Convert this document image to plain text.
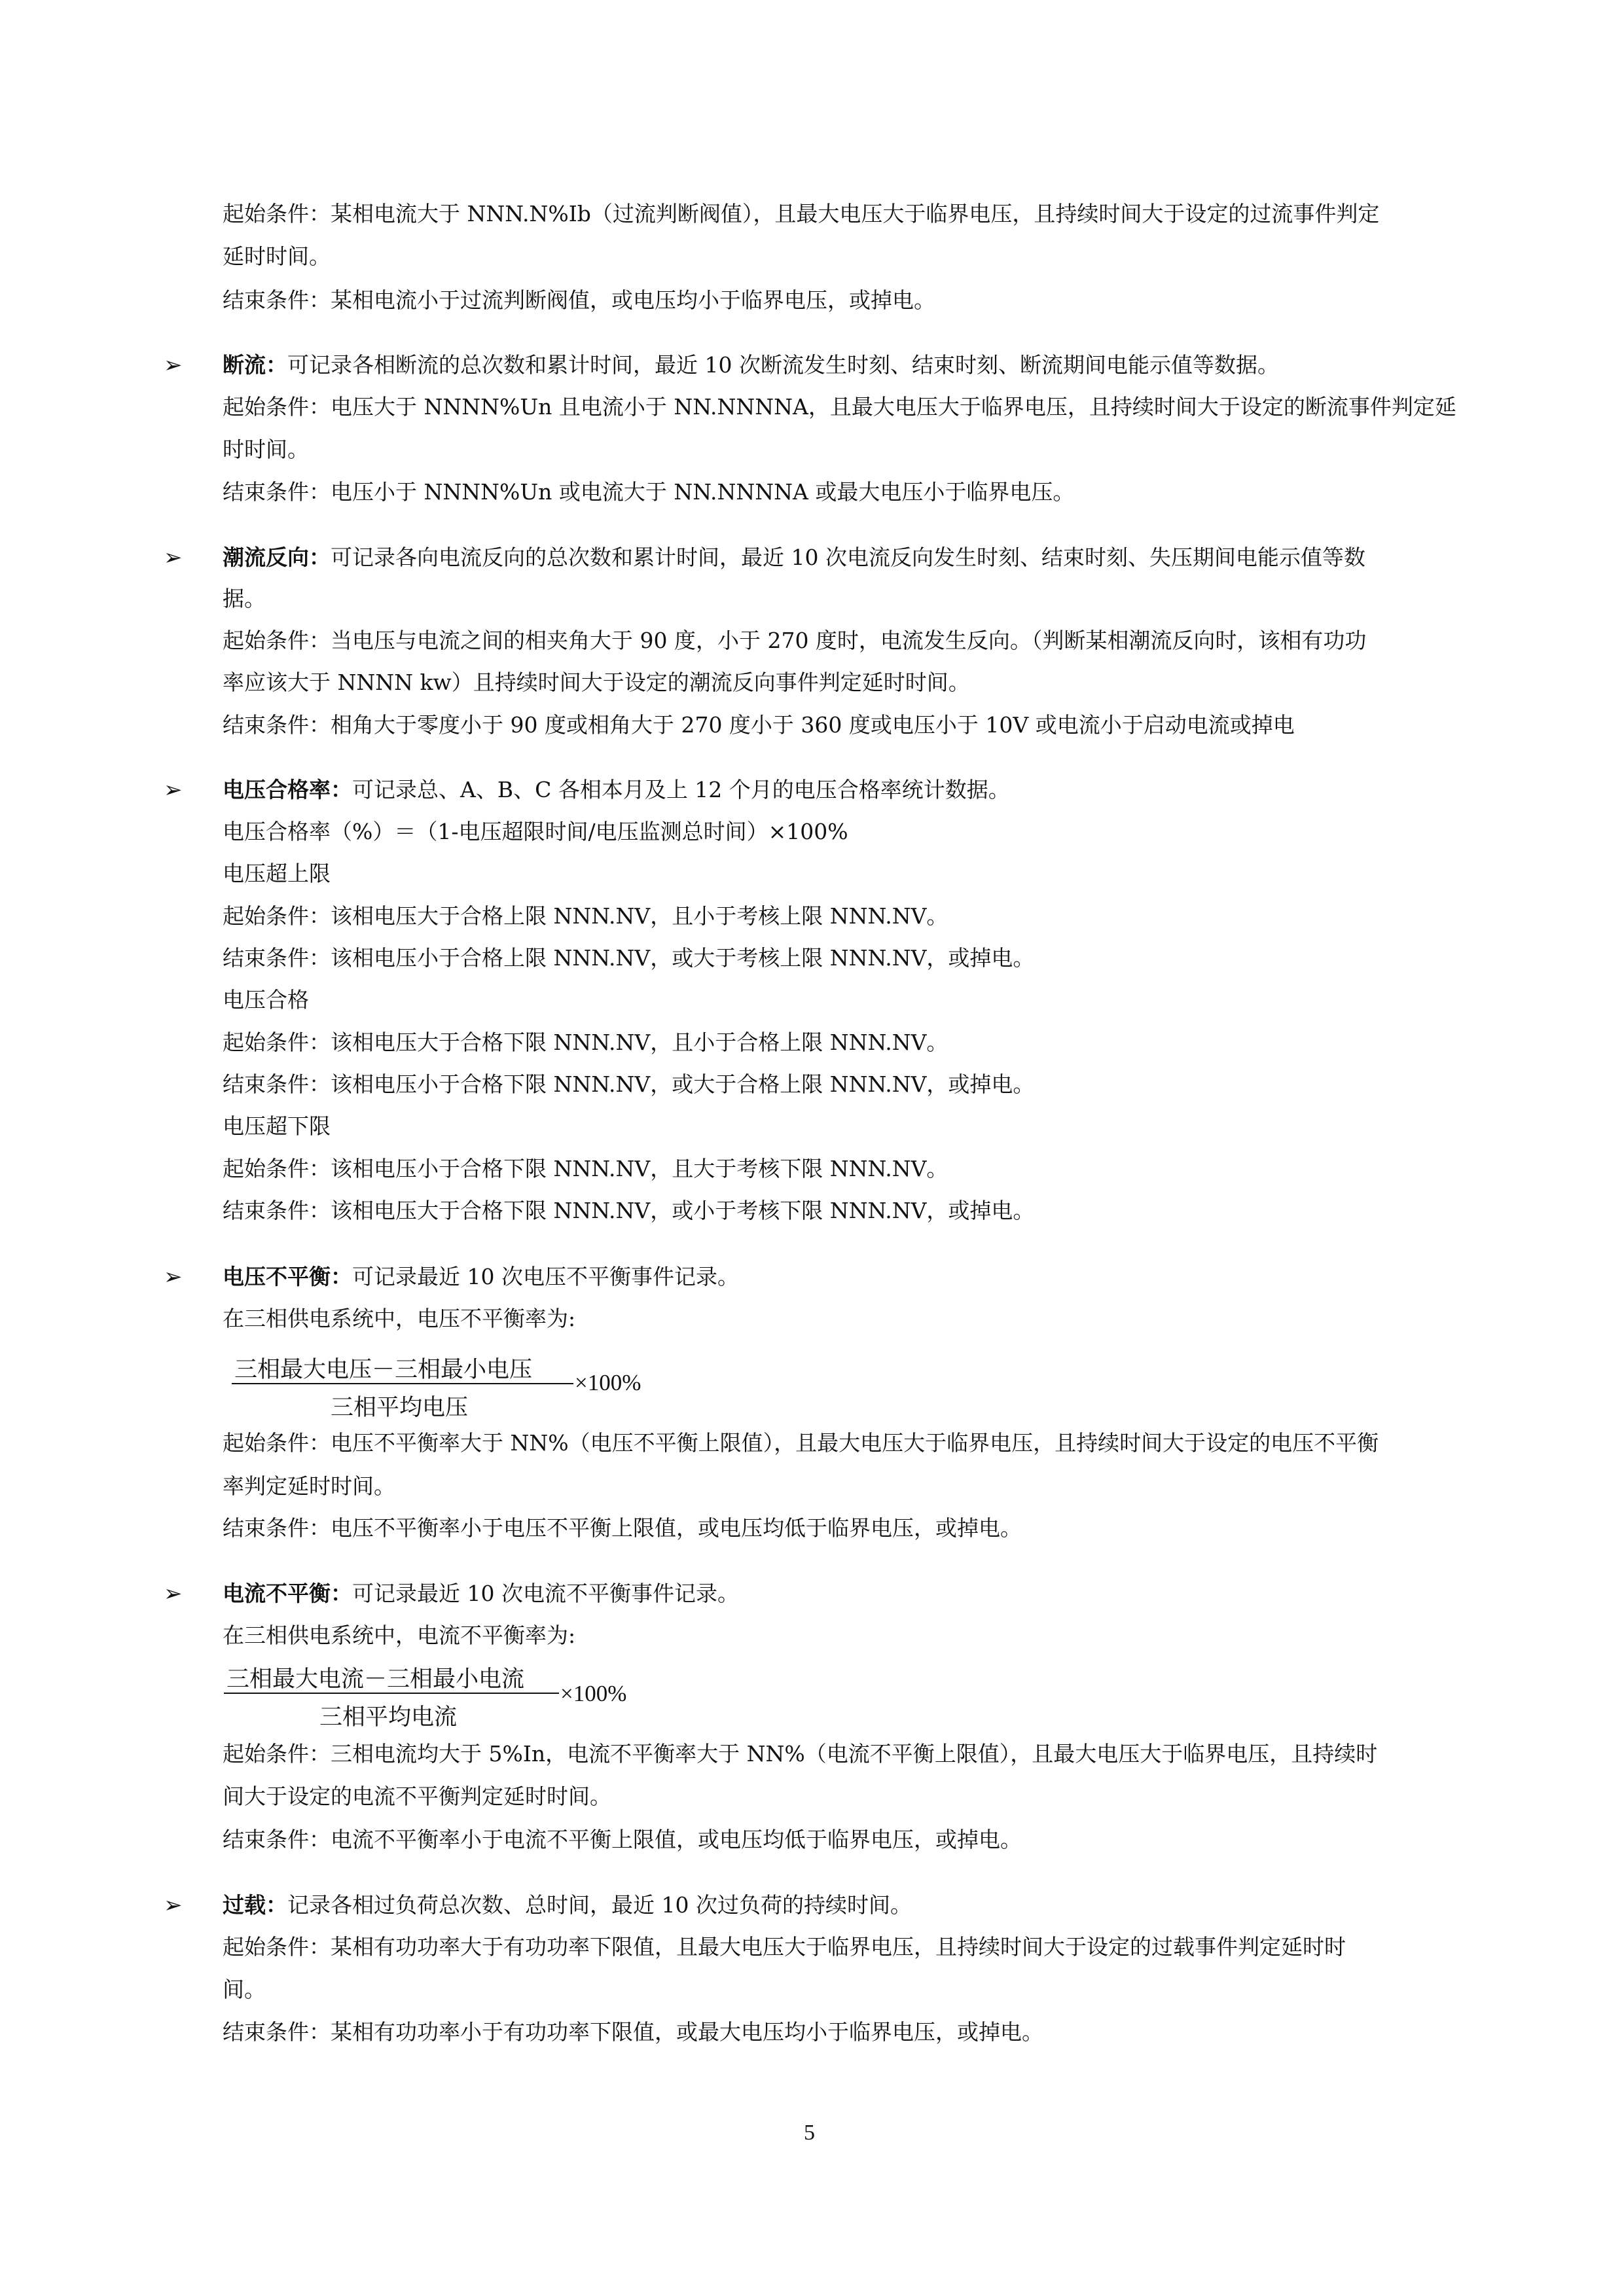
起始条件：某相电流大于 NNN.N%Ib（过流判断阀值），且最大电压大于临界电压，且持续时间大于设定的过流事件判定
延时时间。
结束条件：某相电流小于过流判断阀值，或电压均小于临界电压，或掉电。
➢ 断流：可记录各相断流的总次数和累计时间，最近 10 次断流发生时刻、结束时刻、断流期间电能示值等数据。
起始条件：电压大于 NNNN%Un 且电流小于 NN.NNNNA，且最大电压大于临界电压，且持续时间大于设定的断流事件判定延
时时间。
结束条件：电压小于 NNNN%Un 或电流大于 NN.NNNNA 或最大电压小于临界电压。
➢ 潮流反向：可记录各向电流反向的总次数和累计时间，最近 10 次电流反向发生时刻、结束时刻、失压期间电能示值等数
据。
起始条件：当电压与电流之间的相夹角大于 90 度，小于 270 度时，电流发生反向。（判断某相潮流反向时，该相有功功
率应该大于 NNNN kw）且持续时间大于设定的潮流反向事件判定延时时间。
结束条件：相角大于零度小于 90 度或相角大于 270 度小于 360 度或电压小于 10V 或电流小于启动电流或掉电
➢ 电压合格率：可记录总、A、B、C 各相本月及上 12 个月的电压合格率统计数据。
电压合格率（%）＝（1-电压超限时间/电压监测总时间）×100%
电压超上限
起始条件：该相电压大于合格上限 NNN.NV，且小于考核上限 NNN.NV。
结束条件：该相电压小于合格上限 NNN.NV，或大于考核上限 NNN.NV，或掉电。
电压合格
起始条件：该相电压大于合格下限 NNN.NV，且小于合格上限 NNN.NV。
结束条件：该相电压小于合格下限 NNN.NV，或大于合格上限 NNN.NV，或掉电。
电压超下限
起始条件：该相电压小于合格下限 NNN.NV，且大于考核下限 NNN.NV。
结束条件：该相电压大于合格下限 NNN.NV，或小于考核下限 NNN.NV，或掉电。
➢ 电压不平衡：可记录最近 10 次电压不平衡事件记录。
在三相供电系统中，电压不平衡率为:
三相最大电压－三相最小电压
三相平均电压
×100%
起始条件：电压不平衡率大于 NN%（电压不平衡上限值），且最大电压大于临界电压，且持续时间大于设定的电压不平衡
率判定延时时间。
结束条件：电压不平衡率小于电压不平衡上限值，或电压均低于临界电压，或掉电。
➢ 电流不平衡：可记录最近 10 次电流不平衡事件记录。
在三相供电系统中，电流不平衡率为:
三相最大电流－三相最小电流
三相平均电流
×100%
起始条件：三相电流均大于 5%In，电流不平衡率大于 NN%（电流不平衡上限值），且最大电压大于临界电压，且持续时
间大于设定的电流不平衡判定延时时间。
结束条件：电流不平衡率小于电流不平衡上限值，或电压均低于临界电压，或掉电。
➢ 过载：记录各相过负荷总次数、总时间，最近 10 次过负荷的持续时间。
起始条件：某相有功功率大于有功功率下限值，且最大电压大于临界电压，且持续时间大于设定的过载事件判定延时时
间。
结束条件：某相有功功率小于有功功率下限值，或最大电压均小于临界电压，或掉电。
5
